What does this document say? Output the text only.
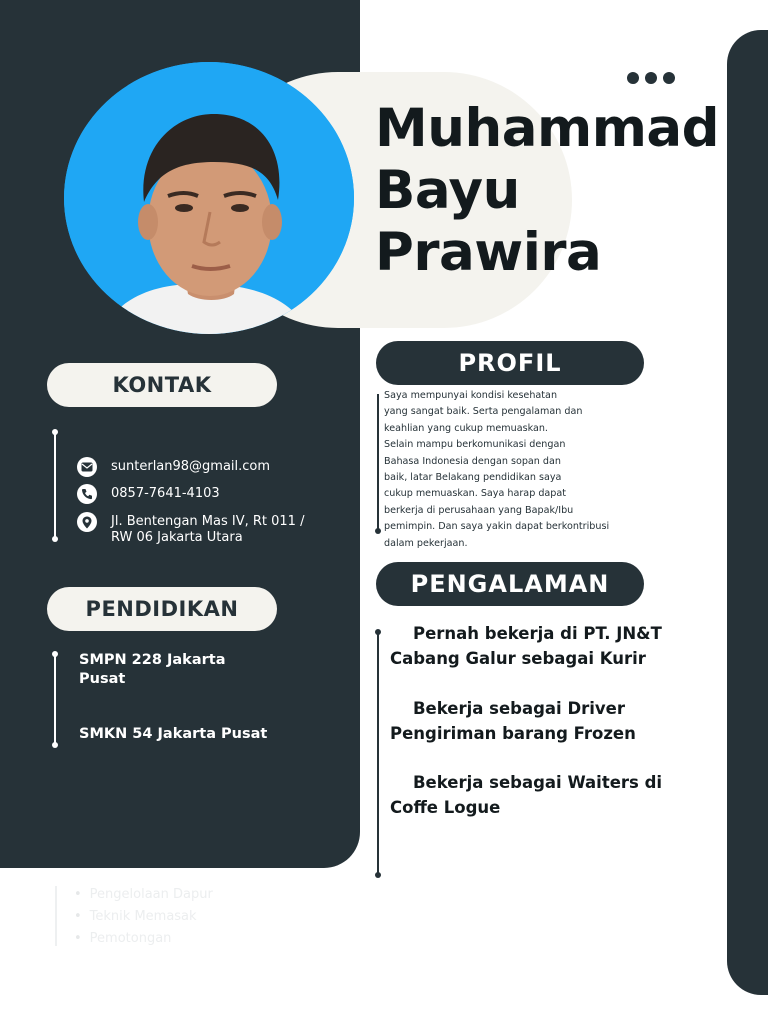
Muhammad
Bayu
Prawira
KONTAK
sunterlan98@gmail.com
0857-7641-4103
Jl. Bentengan Mas IV, Rt 011 /
RW 06 Jakarta Utara
PENDIDIKAN
SMPN 228 Jakarta
Pusat
SMKN 54 Jakarta Pusat
PROFIL

Saya mempunyai kondisi kesehatan
yang sangat baik. Serta pengalaman dan
keahlian yang cukup memuaskan.
Selain mampu berkomunikasi dengan
Bahasa Indonesia dengan sopan dan
baik, latar Belakang pendidikan saya
cukup memuaskan. Saya harap dapat
berkerja di perusahaan yang Bapak/Ibu
pemimpin. Dan saya yakin dapat berkontribusi
dalam pekerjaan.

PENGALAMAN

Pernah bekerja di PT. JN&T
Cabang Galur sebagai Kurir

Bekerja sebagai Driver
Pengiriman barang Frozen

Bekerja sebagai Waiters di
Coffe Logue

• Pengelolaan Dapur
• Teknik Memasak
• Pemotongan
